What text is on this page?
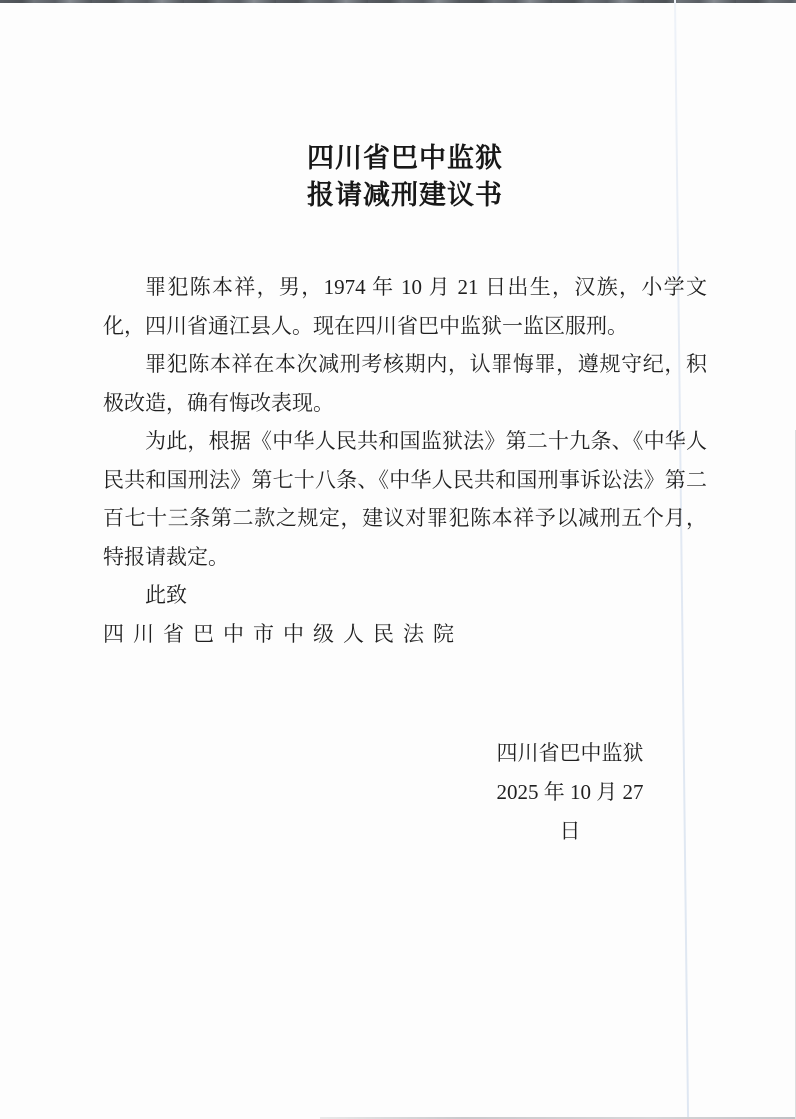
四川省巴中监狱
报请减刑建议书

罪犯陈本祥，男，1974 年 10 月 21 日出生，汉族，小学文化，四川省通江县人。现在四川省巴中监狱一监区服刑。

罪犯陈本祥在本次减刑考核期内，认罪悔罪，遵规守纪，积极改造，确有悔改表现。

为此，根据《中华人民共和国监狱法》第二十九条、《中华人民共和国刑法》第七十八条、《中华人民共和国刑事诉讼法》第二百七十三条第二款之规定，建议对罪犯陈本祥予以减刑五个月，特报请裁定。

此致

四川省巴中市中级人民法院

四川省巴中监狱
2025 年 10 月 27 日
